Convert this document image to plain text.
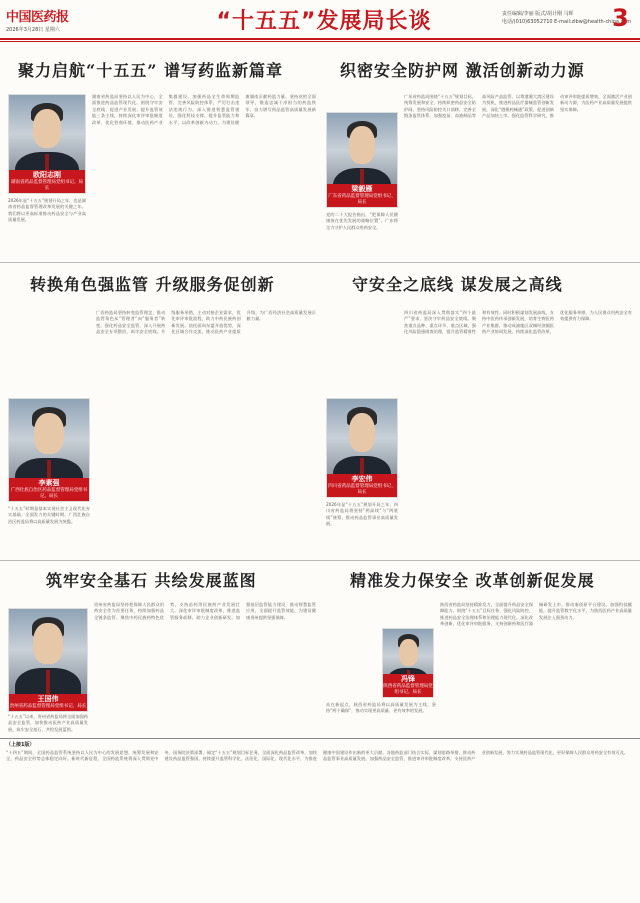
中国医药报
2026年3月28日 星期六	“十五五”发展局长谈	责任编辑/李丽 版式/胡计刚 马晖
电话/(010)63052710 E-mail:zlbw@health-china.com
3
聚力启航“十五五” 谱写药监新篇章
欧阳志刚
湖南省药品监督管理局党组书记、局长
2026年是“十五五”规划开局之年，也是湖南省药品监督管理改革发展的关键之年。我们将以更高标准推动药品安全与产业高质量发展。
湖南省药监局坚持以人民为中心，全面推进药品监管现代化。围绕守牢安全底线、促进产业发展、提升监管效能三条主线，持续深化审评审批制度改革，优化营商环境，推动医药产业集群建设。加强药品全生命周期监管，完善风险防控体系，严厉打击违法违规行为。深入推进智慧监管建设，强化科技支撑，提升监管能力和水平。以改革创新为动力，为建设健康湖南贡献药监力量。坚持党的全面领导，锻造忠诚干净担当的药监铁军，奋力谱写药品监管高质量发展新篇章。
织密安全防护网 激活创新动力源
梁毅雁
广东省药品监督管理局党组书记、局长
党的二十大报告指出，“把保障人民健康放在优先发展的战略位置”。广东将全力守护人民群众用药安全。
广东省药监局围绕“十五五”规划目标，统筹发展和安全，持续织密药品安全防护网。坚持风险防控关口前移，完善全链条监管体系，加强疫苗、血液制品等高风险产品监管。以粤港澳大湾区建设为契机，推进药品医疗器械监管创新发展，深化“港澳药械通”政策，促进创新产品加快上市。强化监管科学研究，推动审评审批提质增效，全面激活产业创新动力源，为医药产业高质量发展提供坚实保障。
转换角色强监管 升级服务促创新
李素强
广西壮族自治区药品监督管理局党组书记、局长
“十五五”时期是基本实现社会主义现代化夯实基础、全面发力的关键时期。广西壮族自治区药监局将以高质量发展为统揽。
广西药监局坚持转变监管理念，推动监管角色从“管理者”向“服务者”转变。强化药品安全监管，深入开展药品安全专项整治，筑牢安全底线。升级服务举措，主动对接企业需求，优化审评审批流程，助力中药民族药创新发展。依托面向东盟开放优势，深化区域合作交流，推动医药产业提质升级，为广西经济社会高质量发展贡献力量。
守安全之底线 谋发展之高线
李宏伟
四川省药品监督管理局党组书记、局长
2026年是“十五五”规划开局之年，四川省药监局将坚持“两高线”与“两底线”统筹，推动药品监管事业高质量发展。
四川省药监局深入贯彻落实“四个最严”要求，坚决守牢药品安全底线。聚焦重点品种、重点环节、重点区域，强化风险隐患排查治理，提升监管精准性和有效性。同时积极谋划发展高线，支持中医药传承创新发展，培育生物医药产业集群，推动成渝地区双城经济圈医药产业协同发展。持续深化监管改革，优化服务举措，为人民群众用药安全有效提供有力保障。
筑牢安全基石 共绘发展蓝图
王国伟
贵州省药品监督管理局党组书记、局长
“十五五”以来，贵州省药监局将全面加强药品安全监管，加快推动医药产业高质量发展，筑牢安全基石，共绘发展蓝图。
贵州省药监局坚持把保障人民群众用药安全作为首要任务，持续加强药品全链条监管。聚焦中药民族药特色优势，支持苗药等民族药产业发展壮大。深化审评审批制度改革，推进监管服务前移，助力企业创新研发。加强基层监管能力建设，推动智慧监管应用，全面提升监管效能，为建设健康贵州提供坚强保障。
精准发力保安全 改革创新促发展
冯锋
陕西省药品监督管理局党组书记、局长
站在新起点，陕西省药监局将以高质量发展为主线，坚持“两个确保”，推动实现更高质量、更有效率的发展。
陕西省药监局坚持精准发力，全面提升药品安全保障能力。围绕“十五五”目标任务，强化风险防控，推进药品安全治理体系和治理能力现代化。深化改革创新，优化审评审批服务，支持创新药和医疗器械研发上市，推动秦创原平台建设。加强科技赋能，提升监管数字化水平，为陕西医药产业高质量发展注入强劲动力。
（上接1版）
“十四五”期间，全国药品监管系统坚持以人民为中心的发展思想，统筹发展和安全，药品安全形势总体稳定向好。新时代新征程，全国药监系统将深入贯彻党中央、国务院决策部署，锚定“十五五”规划目标任务，全面深化药品监管改革，加快建设药品监管强国，持续提升监管科学化、法治化、国际化、现代化水平，为推进健康中国建设作出新的更大贡献。各地药监部门结合实际，谋划思路举措，推动药品监管事业高质量发展。加强药品安全监管，推进审评审批制度改革，支持医药产业创新发展，努力实现药品监管现代化，更好保障人民群众用药安全有效可及。
